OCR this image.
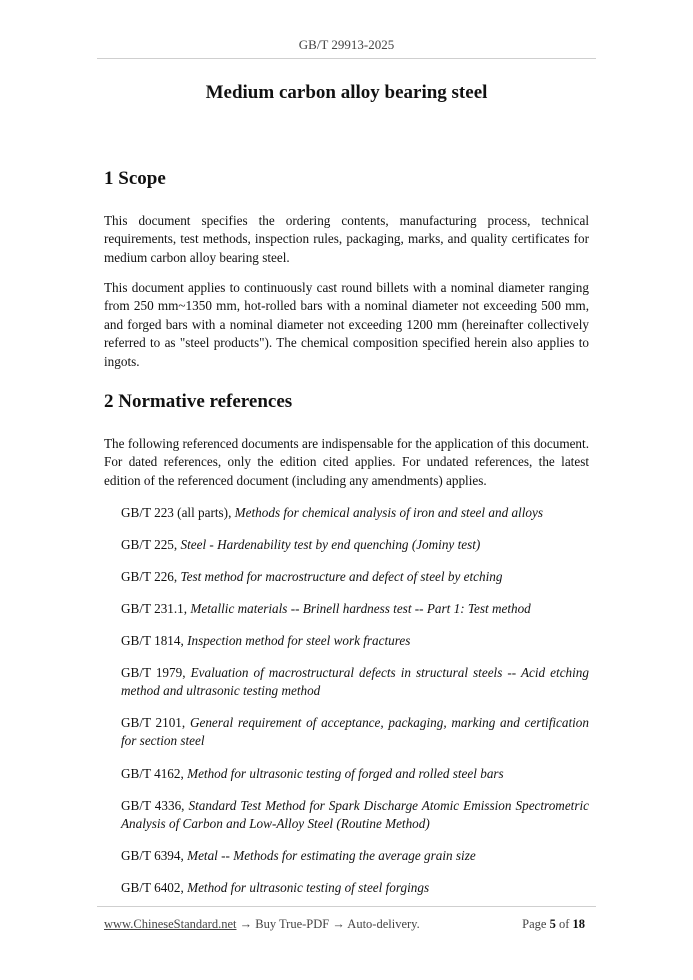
GB/T 29913-2025
Medium carbon alloy bearing steel
1 Scope

This document specifies the ordering contents, manufacturing process, technical requirements, test methods, inspection rules, packaging, marks, and quality certificates for medium carbon alloy bearing steel.

This document applies to continuously cast round billets with a nominal diameter ranging from 250 mm~1350 mm, hot-rolled bars with a nominal diameter not exceeding 500 mm, and forged bars with a nominal diameter not exceeding 1200 mm (hereinafter collectively referred to as "steel products"). The chemical composition specified herein also applies to ingots.

2 Normative references

The following referenced documents are indispensable for the application of this document. For dated references, only the edition cited applies. For undated references, the latest edition of the referenced document (including any amendments) applies.

GB/T 223 (all parts), Methods for chemical analysis of iron and steel and alloys

GB/T 225, Steel - Hardenability test by end quenching (Jominy test)

GB/T 226, Test method for macrostructure and defect of steel by etching

GB/T 231.1, Metallic materials -- Brinell hardness test -- Part 1: Test method

GB/T 1814, Inspection method for steel work fractures

GB/T 1979, Evaluation of macrostructural defects in structural steels -- Acid etching method and ultrasonic testing method

GB/T 2101, General requirement of acceptance, packaging, marking and certification for section steel

GB/T 4162, Method for ultrasonic testing of forged and rolled steel bars

GB/T 4336, Standard Test Method for Spark Discharge Atomic Emission Spectrometric Analysis of Carbon and Low-Alloy Steel (Routine Method)

GB/T 6394, Metal -- Methods for estimating the average grain size

GB/T 6402, Method for ultrasonic testing of steel forgings

www.ChineseStandard.net → Buy True-PDF → Auto-delivery.	Page 5 of 18
